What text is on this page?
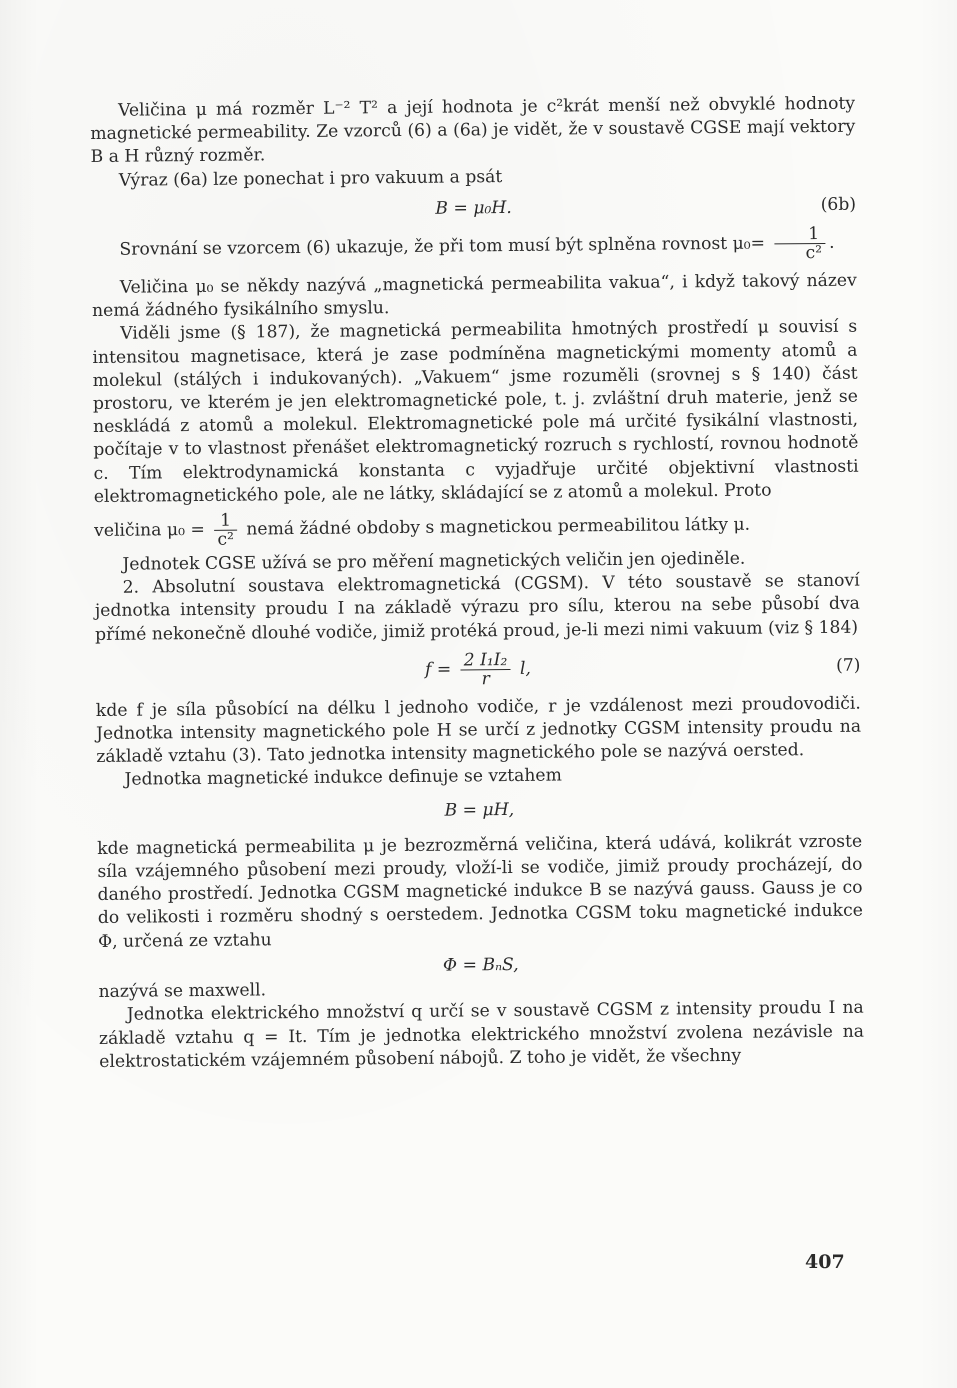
Veličina μ má rozměr L⁻² T² a její hodnota je c²krát menší než obvyklé hodnoty magnetické permeability. Ze vzorců (6) a (6a) je vidět, že v soustavě CGSE mají vektory B a H různý rozměr.

Výraz (6a) lze ponechat i pro vakuum a psát

B = μ₀H.	(6b)

Srovnání se vzorcem (6) ukazuje, že při tom musí být splněna rovnost $\mu_0= \frac{1}{\text{c²}}$ .

Veličina μ₀ se někdy nazývá „magnetická permeabilita vakua“, i když takový název nemá žádného fysikálního smyslu.

Viděli jsme (§ 187), že magnetická permeabilita hmotných prostředí μ souvisí s intensitou magnetisace, která je zase podmíněna magnetickými momenty atomů a molekul (stálých i indukovaných). „Vakuem“ jsme rozuměli (srovnej s § 140) část prostoru, ve kterém je jen elektromagnetické pole, t. j. zvláštní druh materie, jenž se neskládá z atomů a molekul. Elektromagnetické pole má určité fysikální vlastnosti, počítaje v to vlastnost přenášet elektromagnetický rozruch s rychlostí, rovnou hodnotě c. Tím elektrodynamická konstanta c vyjadřuje určité objektivní vlastnosti elektromagnetického pole, ale ne látky, skládající se z atomů a molekul. Proto

veličina $\mu_0 = \frac{1}{\text{c²}}$ nemá žádné obdoby s magnetickou permeabilitou látky μ.

Jednotek CGSE užívá se pro měření magnetických veličin jen ojediněle.

2. Absolutní soustava elektromagnetická (CGSM). V této soustavě se stanoví jednotka intensity proudu I na základě výrazu pro sílu, kterou na sebe působí dva přímé nekonečně dlouhé vodiče, jimiž protéká proud, je-li mezi nimi vakuum (viz § 184)

$f = \frac{\text{2 I₁I₂}}{r} l$,	(7)

kde f je síla působící na délku l jednoho vodiče, r je vzdálenost mezi proudovodiči. Jednotka intensity magnetického pole H se určí z jednotky CGSM intensity proudu na základě vztahu (3). Tato jednotka intensity magnetického pole se nazývá oersted.

Jednotka magnetické indukce definuje se vztahem

B = μH,

kde magnetická permeabilita μ je bezrozměrná veličina, která udává, kolikrát vzroste síla vzájemného působení mezi proudy, vloží-li se vodiče, jimiž proudy procházejí, do daného prostředí. Jednotka CGSM magnetické indukce B se nazývá gauss. Gauss je co do velikosti i rozměru shodný s oerstedem. Jednotka CGSM toku magnetické indukce Φ, určená ze vztahu

Φ = BₙS,

nazývá se maxwell.

Jednotka elektrického množství q určí se v soustavě CGSM z intensity proudu I na základě vztahu q = It. Tím je jednotka elektrického množství zvolena nezávisle na elektrostatickém vzájemném působení nábojů. Z toho je vidět, že všechny

407
